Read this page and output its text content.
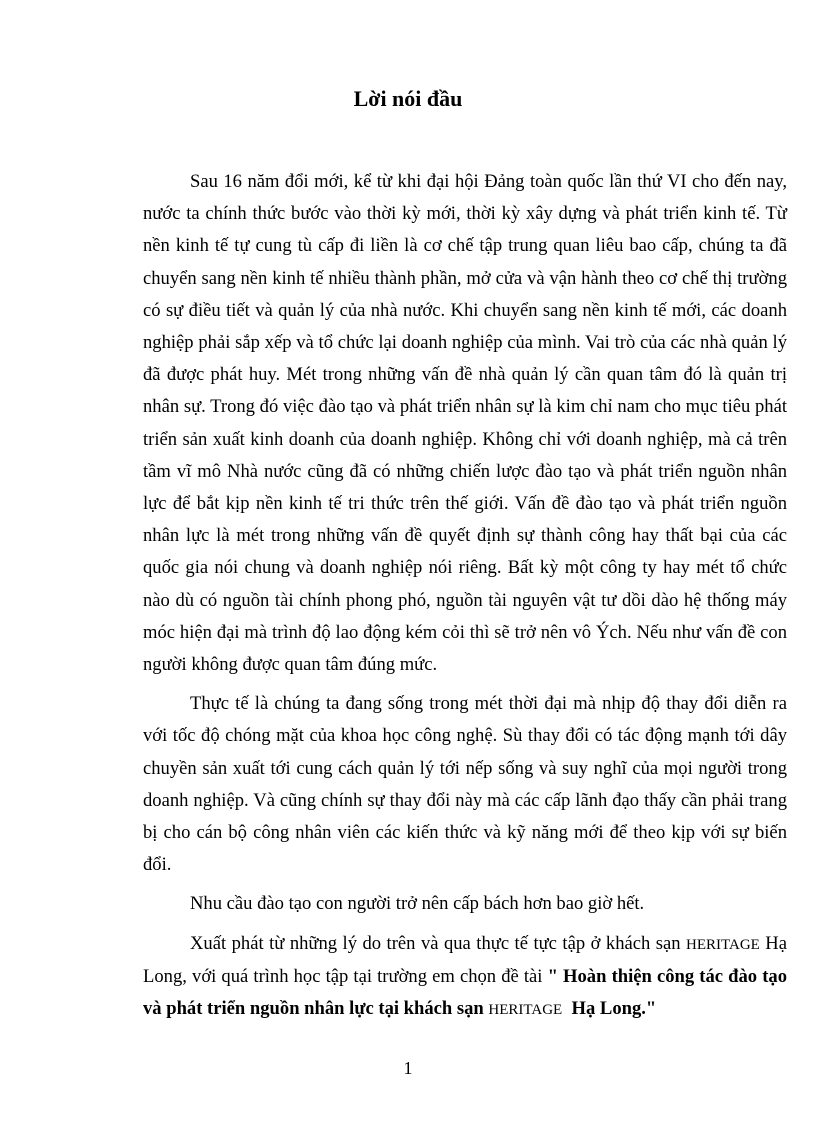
Lời nói đầu

Sau 16 năm đổi mới, kể từ khi đại hội Đảng toàn quốc lần thứ VI cho đến nay, nước ta chính thức bước vào thời kỳ mới, thời kỳ xây dựng và phát triển kinh tế. Từ nền kinh tế tự cung tù cấp đi liền là cơ chế tập trung quan liêu bao cấp, chúng ta đã chuyển sang nền kinh tế nhiều thành phần, mở cửa và vận hành theo cơ chế thị trường có sự điều tiết và quản lý của nhà nước. Khi chuyển sang nền kinh tế mới, các doanh nghiệp phải sắp xếp và tổ chức lại doanh nghiệp của mình. Vai trò của các nhà quản lý đã được phát huy. Mét trong những vấn đề nhà quản lý cần quan tâm đó là quản trị nhân sự. Trong đó việc đào tạo và phát triển nhân sự là kim chỉ nam cho mục tiêu phát triển sản xuất kinh doanh của doanh nghiệp. Không chỉ với doanh nghiệp, mà cả trên tầm vĩ mô Nhà nước cũng đã có những chiến lược đào tạo và phát triển nguồn nhân lực để bắt kịp nền kinh tế tri thức trên thế giới. Vấn đề đào tạo và phát triển nguồn nhân lực là mét trong những vấn đề quyết định sự thành công hay thất bại của các quốc gia nói chung và doanh nghiệp nói riêng. Bất kỳ một công ty hay mét tổ chức nào dù có nguồn tài chính phong phó, nguồn tài nguyên vật tư dồi dào hệ thống máy móc hiện đại mà trình độ lao động kém cỏi thì sẽ trở nên vô Ých. Nếu như vấn đề con người không được quan tâm đúng mức.

Thực tế là chúng ta đang sống trong mét thời đại mà nhịp độ thay đổi diễn ra với tốc độ chóng mặt của khoa học công nghệ. Sù thay đổi có tác động mạnh tới dây chuyền sản xuất tới cung cách quản lý tới nếp sống và suy nghĩ của mọi người trong doanh nghiệp. Và cũng chính sự thay đổi này mà các cấp lãnh đạo thấy cần phải trang bị cho cán bộ công nhân viên các kiến thức và kỹ năng mới để theo kịp với sự biến đổi.

Nhu cầu đào tạo con người trở nên cấp bách hơn bao giờ hết.

Xuất phát từ những lý do trên và qua thực tế tực tập ở khách sạn HERITAGE Hạ Long, với quá trình học tập tại trường em chọn đề tài " Hoàn thiện công tác đào tạo và phát triển nguồn nhân lực tại khách sạn HERITAGE  Hạ Long."

1
